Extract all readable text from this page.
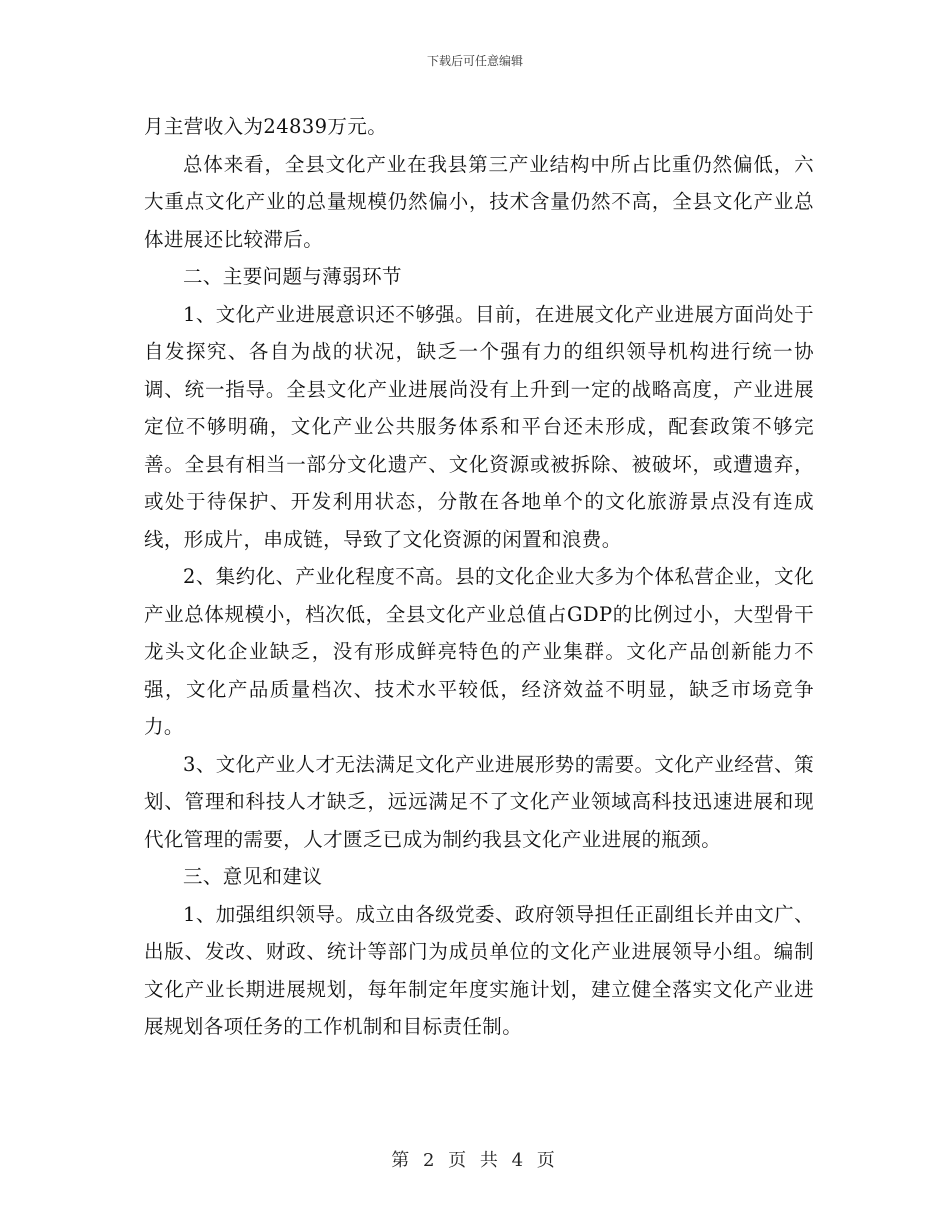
下载后可任意编辑

月主营收入为24839万元。

总体来看，全县文化产业在我县第三产业结构中所占比重仍然偏低，六大重点文化产业的总量规模仍然偏小，技术含量仍然不高，全县文化产业总体进展还比较滞后。

二、主要问题与薄弱环节

1、文化产业进展意识还不够强。目前，在进展文化产业进展方面尚处于自发探究、各自为战的状况，缺乏一个强有力的组织领导机构进行统一协调、统一指导。全县文化产业进展尚没有上升到一定的战略高度，产业进展定位不够明确，文化产业公共服务体系和平台还未形成，配套政策不够完善。全县有相当一部分文化遗产、文化资源或被拆除、被破坏，或遭遗弃，或处于待保护、开发利用状态，分散在各地单个的文化旅游景点没有连成线，形成片，串成链，导致了文化资源的闲置和浪费。

2、集约化、产业化程度不高。县的文化企业大多为个体私营企业，文化产业总体规模小，档次低，全县文化产业总值占GDP的比例过小，大型骨干龙头文化企业缺乏，没有形成鲜亮特色的产业集群。文化产品创新能力不强，文化产品质量档次、技术水平较低，经济效益不明显，缺乏市场竞争力。

3、文化产业人才无法满足文化产业进展形势的需要。文化产业经营、策划、管理和科技人才缺乏，远远满足不了文化产业领域高科技迅速进展和现代化管理的需要，人才匮乏已成为制约我县文化产业进展的瓶颈。

三、意见和建议

1、加强组织领导。成立由各级党委、政府领导担任正副组长并由文广、出版、发改、财政、统计等部门为成员单位的文化产业进展领导小组。编制文化产业长期进展规划，每年制定年度实施计划，建立健全落实文化产业进展规划各项任务的工作机制和目标责任制。

第 2 页 共 4 页
